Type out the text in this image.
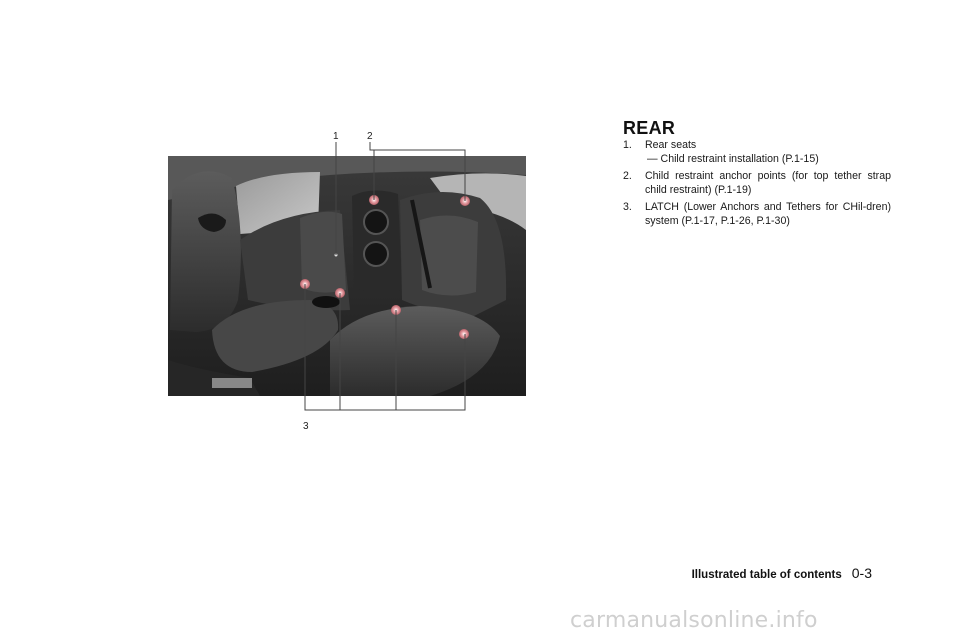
1	2
3
REAR
1. Rear seats
— Child restraint installation (P.1-15)
2. Child restraint anchor points (for top tether strap child restraint) (P.1-19)
3. LATCH (Lower Anchors and Tethers for CHil-dren) system (P.1-17, P.1-26, P.1-30)
Illustrated table of contents 0-3
carmanualsonline.info
